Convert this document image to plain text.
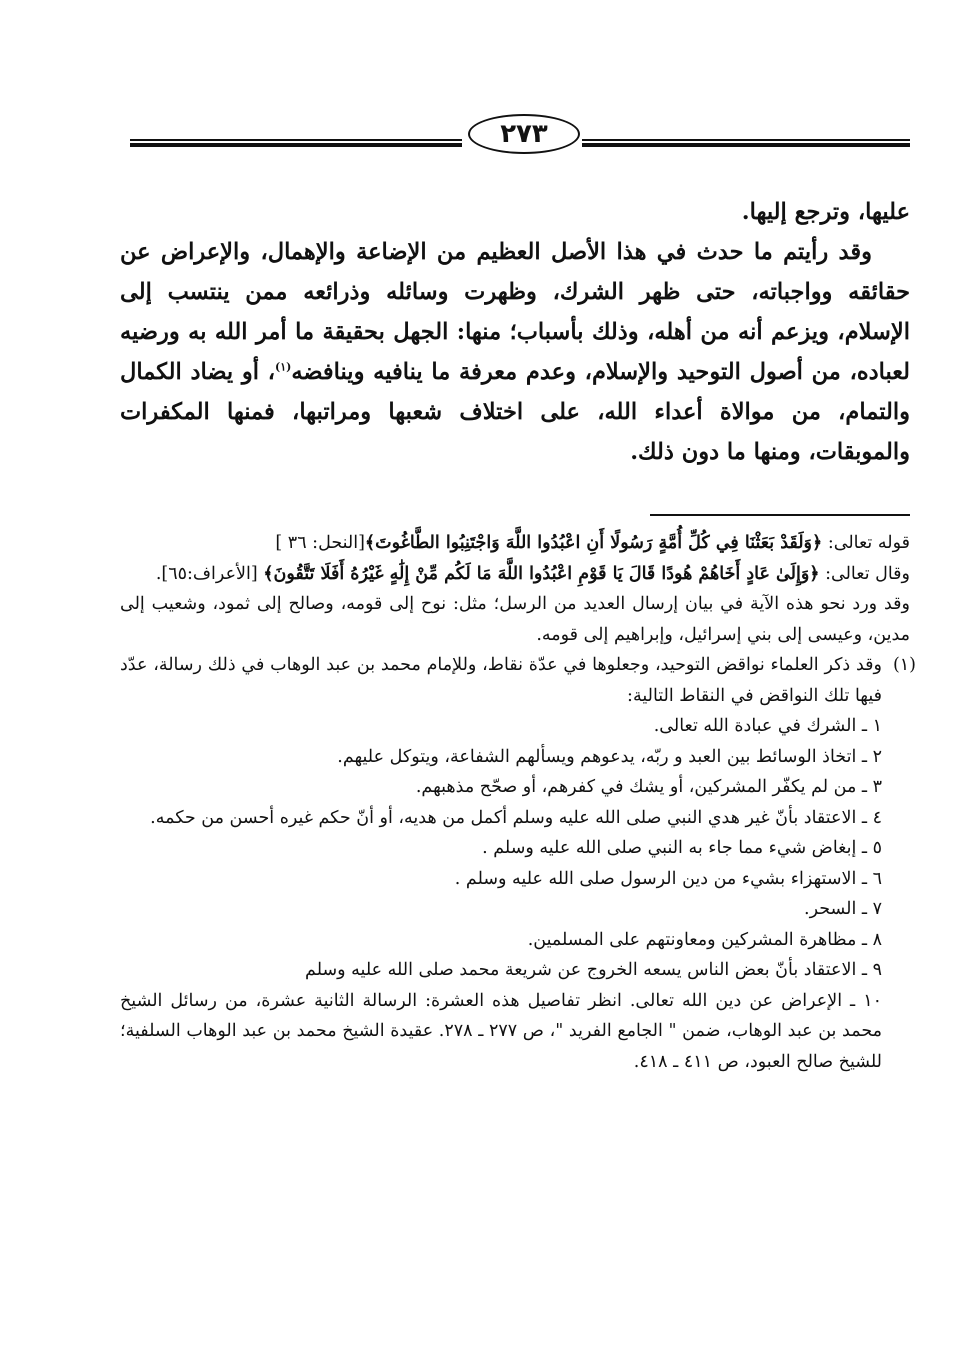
٢٧٣

عليها، وترجع إليها.

وقد رأيتم ما حدث في هذا الأصل العظيم من الإضاعة والإهمال، والإعراض عن حقائقه وواجباته، حتى ظهر الشرك، وظهرت وسائله وذرائعه ممن ينتسب إلى الإسلام، ويزعم أنه من أهله، وذلك بأسباب؛ منها: الجهل بحقيقة ما أمر الله به ورضيه لعباده، من أصول التوحيد والإسلام، وعدم معرفة ما ينافيه وينافضه$^{(١)}$، أو يضاد الكمال والتمام، من موالاة أعداء الله، على اختلاف شعبها ومراتبها، فمنها المكفرات والموبقات، ومنها ما دون ذلك.

قوله تعالى: ﴿وَلَقَدْ بَعَثْنَا فِي كُلِّ أُمَّةٍ رَسُولًا أَنِ اعْبُدُوا اللَّهَ وَاجْتَنِبُوا الطَّاغُوتَ﴾[النحل: ٣٦ ]

وقال تعالى: ﴿وَإِلَىٰ عَادٍ أَخَاهُمْ هُودًا قَالَ يَا قَوْمِ اعْبُدُوا اللَّهَ مَا لَكُم مِّنْ إِلَٰهٍ غَيْرُهُ أَفَلَا تَتَّقُونَ﴾ [الأعراف:٦٥].

وقد ورد نحو هذه الآية في بيان إرسال العديد من الرسل؛ مثل: نوح إلى قومه، وصالح إلى ثمود، وشعيب إلى مدين، وعيسى إلى بني إسرائيل، وإبراهيم إلى قومه.

(١)
وقد ذكر العلماء نواقض التوحيد، وجعلوها في عدّة نقاط، وللإمام محمد بن عبد الوهاب في ذلك رسالة، عدّد فيها تلك النواقض في النقاط التالية:

١ ـ الشرك في عبادة الله تعالى.

٢ ـ اتخاذ الوسائط بين العبد و ربّه، يدعوهم ويسألهم الشفاعة، ويتوكل عليهم.

٣ ـ من لم يكفّر المشركين، أو يشك في كفرهم، أو صحّح مذهبهم.

٤ ـ الاعتقاد بأنّ غير هدي النبي صلى الله عليه وسلم أكمل من هديه، أو أنّ حكم غيره أحسن من حكمه.

٥ ـ إبغاض شيء مما جاء به النبي صلى الله عليه وسلم .

٦ ـ الاستهزاء بشيء من دين الرسول صلى الله عليه وسلم .

٧ ـ السحر.

٨ ـ مظاهرة المشركين ومعاونتهم على المسلمين.

٩ ـ الاعتقاد بأنّ بعض الناس يسعه الخروج عن شريعة محمد صلى الله عليه وسلم

١٠ ـ الإعراض عن دين الله تعالى. انظر تفاصيل هذه العشرة: الرسالة الثانية عشرة، من رسائل الشيخ محمد بن عبد الوهاب، ضمن " الجامع الفريد "، ص ٢٧٧ ـ ٢٧٨. عقيدة الشيخ محمد بن عبد الوهاب السلفية؛ للشيخ صالح العبود، ص ٤١١ ـ ٤١٨.
